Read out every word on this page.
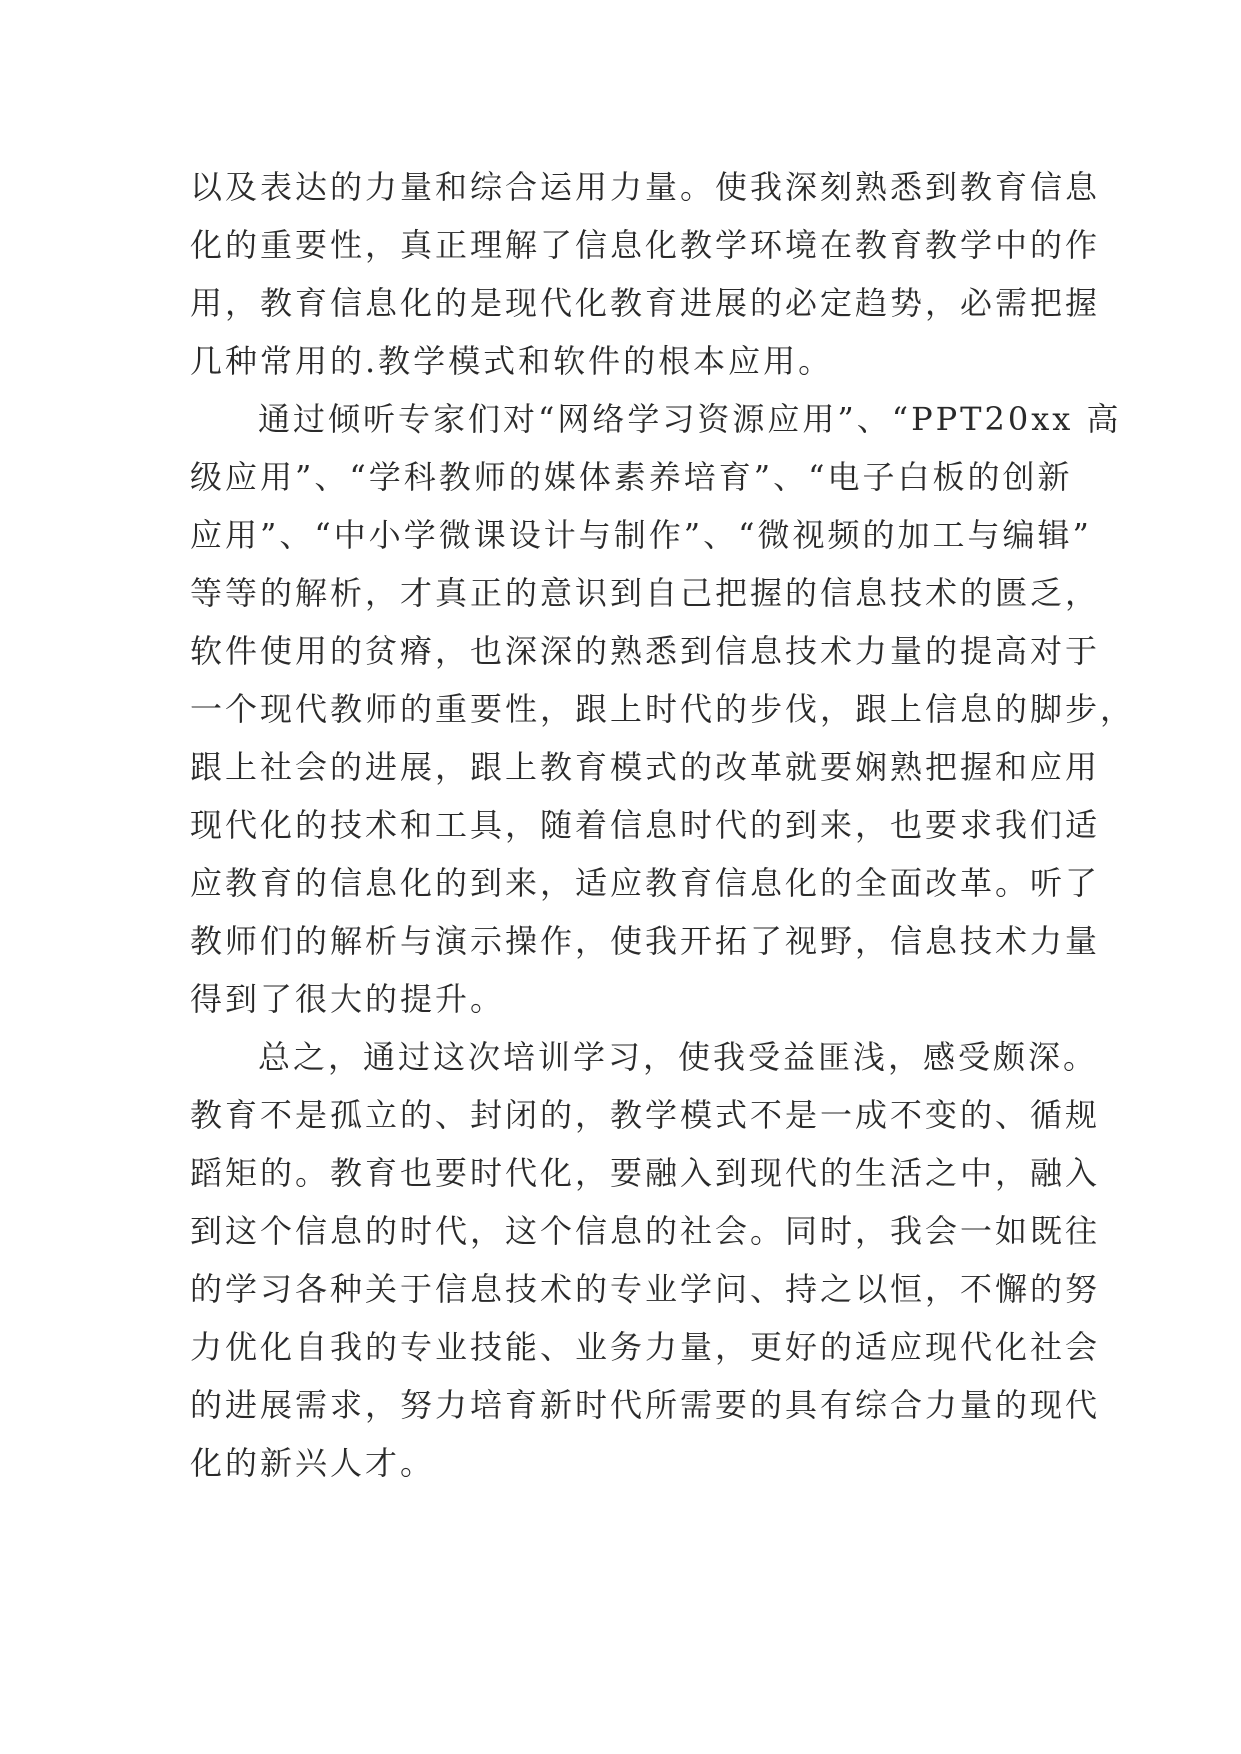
以及表达的力量和综合运用力量。使我深刻熟悉到教育信息
化的重要性，真正理解了信息化教学环境在教育教学中的作
用，教育信息化的是现代化教育进展的必定趋势，必需把握
几种常用的.教学模式和软件的根本应用。
通过倾听专家们对“网络学习资源应用”、“PPT20xx 高
级应用”、“学科教师的媒体素养培育”、“电子白板的创新
应用”、“中小学微课设计与制作”、“微视频的加工与编辑”
等等的解析，才真正的意识到自己把握的信息技术的匮乏，
软件使用的贫瘠，也深深的熟悉到信息技术力量的提高对于
一个现代教师的重要性，跟上时代的步伐，跟上信息的脚步，
跟上社会的进展，跟上教育模式的改革就要娴熟把握和应用
现代化的技术和工具，随着信息时代的到来，也要求我们适
应教育的信息化的到来，适应教育信息化的全面改革。听了
教师们的解析与演示操作，使我开拓了视野，信息技术力量
得到了很大的提升。
总之，通过这次培训学习，使我受益匪浅，感受颇深。
教育不是孤立的、封闭的，教学模式不是一成不变的、循规
蹈矩的。教育也要时代化，要融入到现代的生活之中，融入
到这个信息的时代，这个信息的社会。同时，我会一如既往
的学习各种关于信息技术的专业学问、持之以恒，不懈的努
力优化自我的专业技能、业务力量，更好的适应现代化社会
的进展需求，努力培育新时代所需要的具有综合力量的现代
化的新兴人才。
